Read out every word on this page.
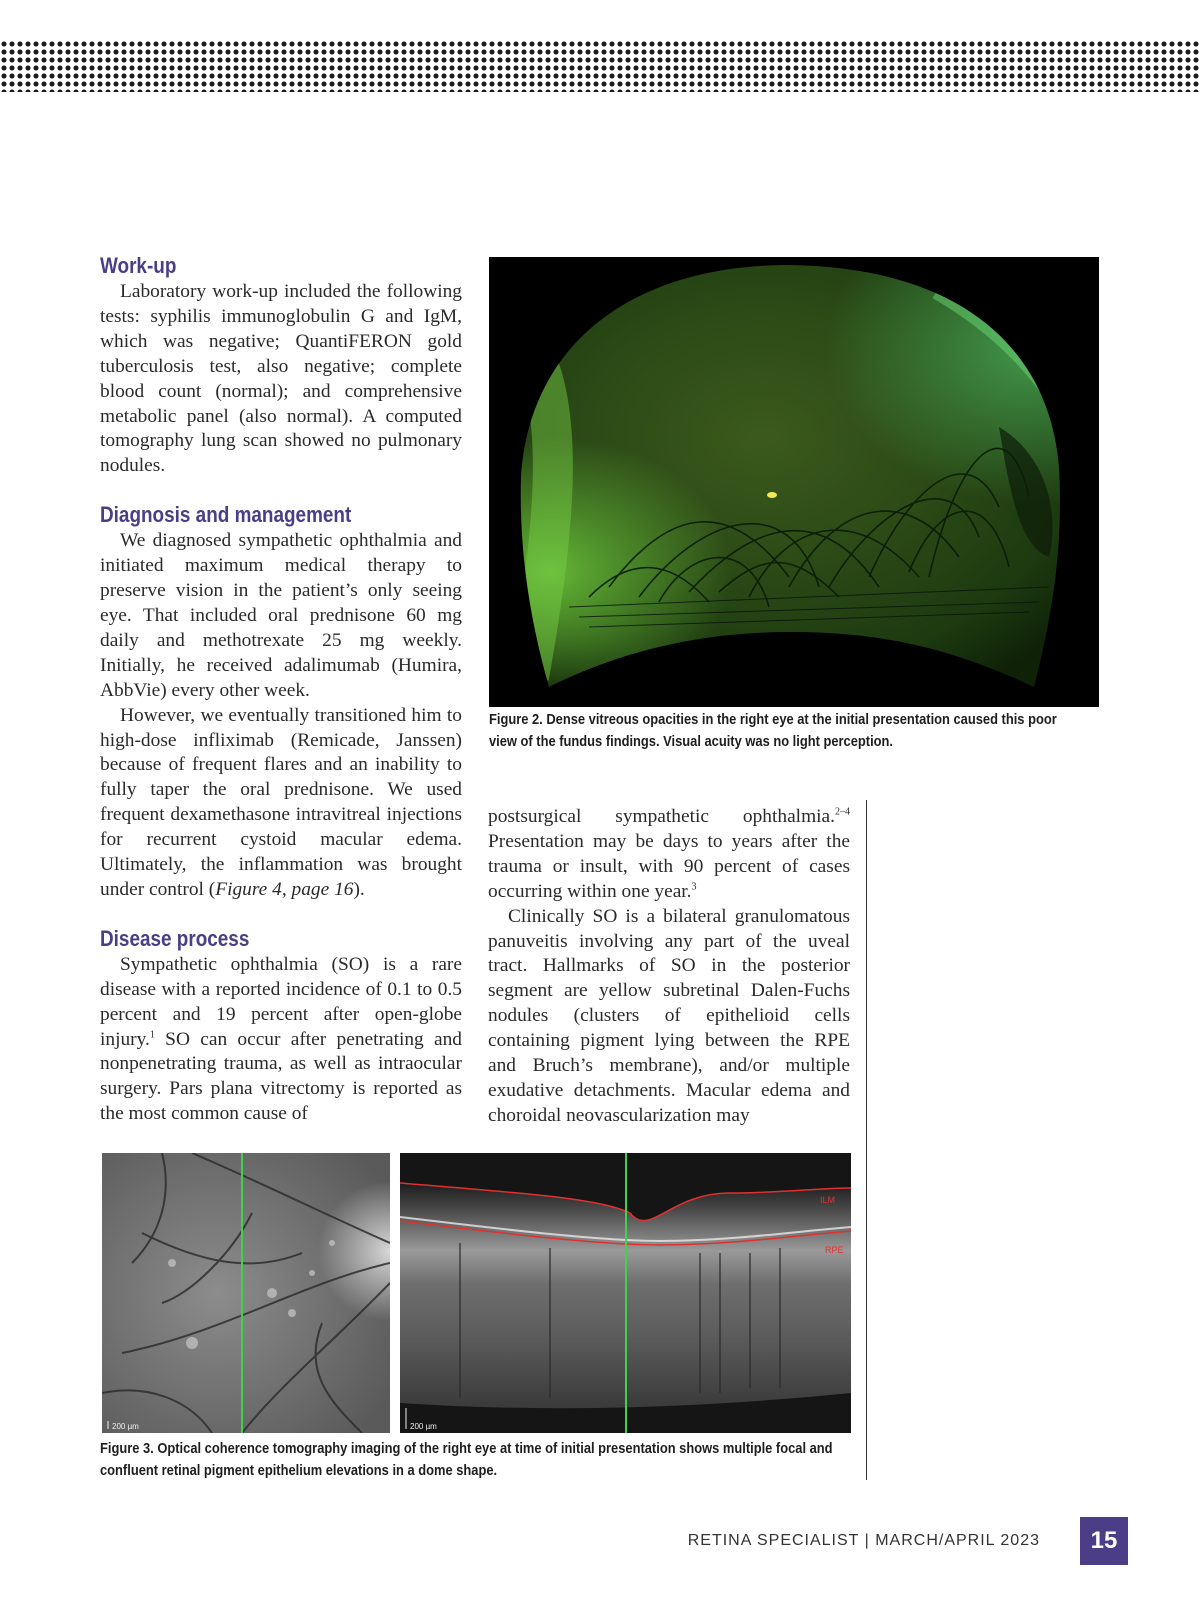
Work-up

Laboratory work-up included the following tests: syphilis immunoglobulin G and IgM, which was negative; QuantiFERON gold tuberculosis test, also negative; complete blood count (normal); and comprehensive metabolic panel (also normal). A computed tomography lung scan showed no pulmonary nodules.

Diagnosis and management

We diagnosed sympathetic ophthalmia and initiated maximum medical therapy to preserve vision in the patient’s only seeing eye. That included oral prednisone 60 mg daily and methotrexate 25 mg weekly. Initially, he received adalimumab (Humira, AbbVie) every other week.

However, we eventually transitioned him to high-dose infliximab (Remicade, Janssen) because of frequent flares and an inability to fully taper the oral prednisone. We used frequent dexamethasone intravitreal injections for recurrent cystoid macular edema. Ultimately, the inflammation was brought under control (Figure 4, page 16).

Disease process

Sympathetic ophthalmia (SO) is a rare disease with a reported incidence of 0.1 to 0.5 percent and 19 percent after open-globe injury.$^1$ SO can occur after penetrating and nonpenetrating trauma, as well as intraocular surgery. Pars plana vitrectomy is reported as the most common cause of

Figure 2. Dense vitreous opacities in the right eye at the initial presentation caused this poor view of the fundus findings. Visual acuity was no light perception.

postsurgical sympathetic ophthalmia.$^{2-4}$ Presentation may be days to years after the trauma or insult, with 90 percent of cases occurring within one year.$^3$

Clinically SO is a bilateral granulomatous panuveitis involving any part of the uveal tract. Hallmarks of SO in the posterior segment are yellow subretinal Dalen-Fuchs nodules (clusters of epithelioid cells containing pigment lying between the RPE and Bruch’s membrane), and/or multiple exudative detachments. Macular edema and choroidal neovascularization may

200 µm
ILM
RPE
200 µm
Figure 3. Optical coherence tomography imaging of the right eye at time of initial presentation shows multiple focal and confluent retinal pigment epithelium elevations in a dome shape.
RETINA SPECIALIST | MARCH/APRIL 2023	15
